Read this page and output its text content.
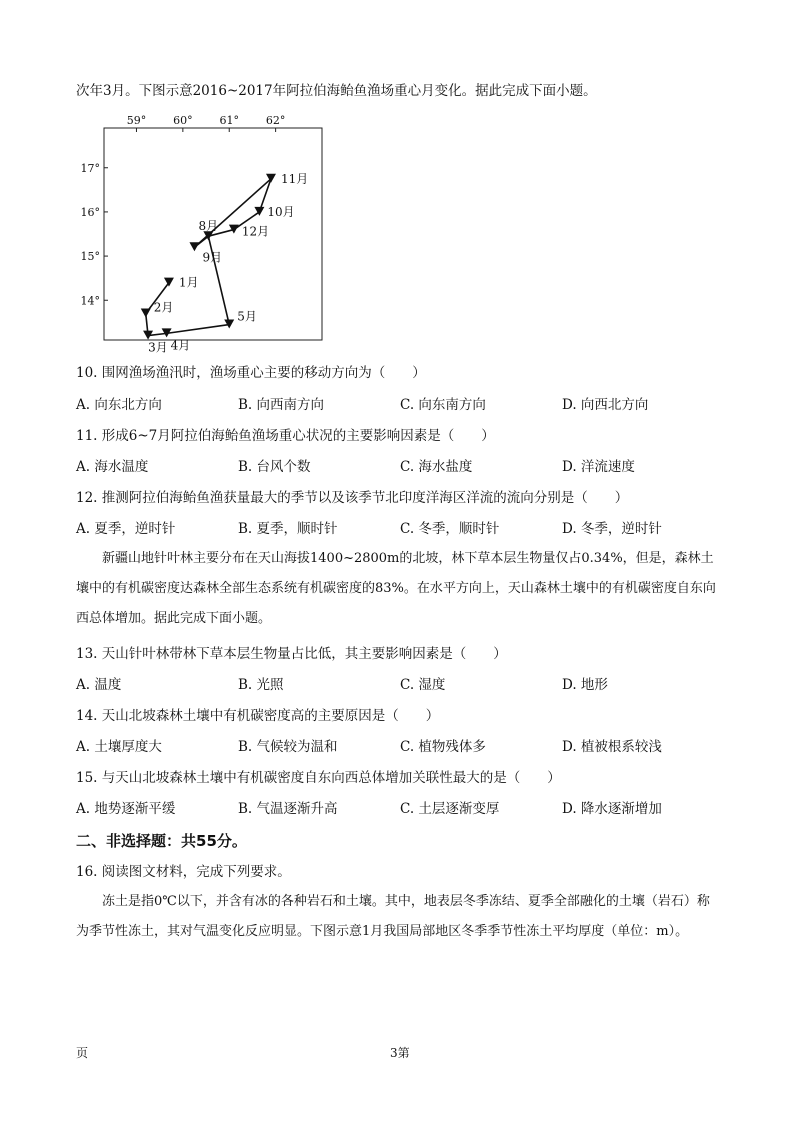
次年3月。下图示意2016~2017年阿拉伯海鲐鱼渔场重心月变化。据此完成下面小题。
59° 60° 61° 62°
17°
16°
15°
14°
1月
2月
3月 4月
5月
8月
9月
10月
11月
12月
10. 围网渔场渔汛时，渔场重心主要的移动方向为（　　）
A. 向东北方向	B. 向西南方向	C. 向东南方向	D. 向西北方向
11. 形成6~7月阿拉伯海鲐鱼渔场重心状况的主要影响因素是（　　）
A. 海水温度	B. 台风个数	C. 海水盐度	D. 洋流速度
12. 推测阿拉伯海鲐鱼渔获量最大的季节以及该季节北印度洋海区洋流的流向分别是（　　）
A. 夏季，逆时针	B. 夏季，顺时针	C. 冬季，顺时针	D. 冬季，逆时针

新疆山地针叶林主要分布在天山海拔1400~2800m的北坡，林下草本层生物量仅占0.34%，但是，森林土壤中的有机碳密度达森林全部生态系统有机碳密度的83%。在水平方向上，天山森林土壤中的有机碳密度自东向西总体增加。据此完成下面小题。

13. 天山针叶林带林下草本层生物量占比低，其主要影响因素是（　　）
A. 温度	B. 光照	C. 湿度	D. 地形
14. 天山北坡森林土壤中有机碳密度高的主要原因是（　　）
A. 土壤厚度大	B. 气候较为温和	C. 植物残体多	D. 植被根系较浅
15. 与天山北坡森林土壤中有机碳密度自东向西总体增加关联性最大的是（　　）
A. 地势逐渐平缓	B. 气温逐渐升高	C. 土层逐渐变厚	D. 降水逐渐增加
二、非选择题：共55分。
16. 阅读图文材料，完成下列要求。

冻土是指0℃以下，并含有冰的各种岩石和土壤。其中，地表层冬季冻结、夏季全部融化的土壤（岩石）称为季节性冻土，其对气温变化反应明显。下图示意1月我国局部地区冬季季节性冻土平均厚度（单位：m）。

页	3第
